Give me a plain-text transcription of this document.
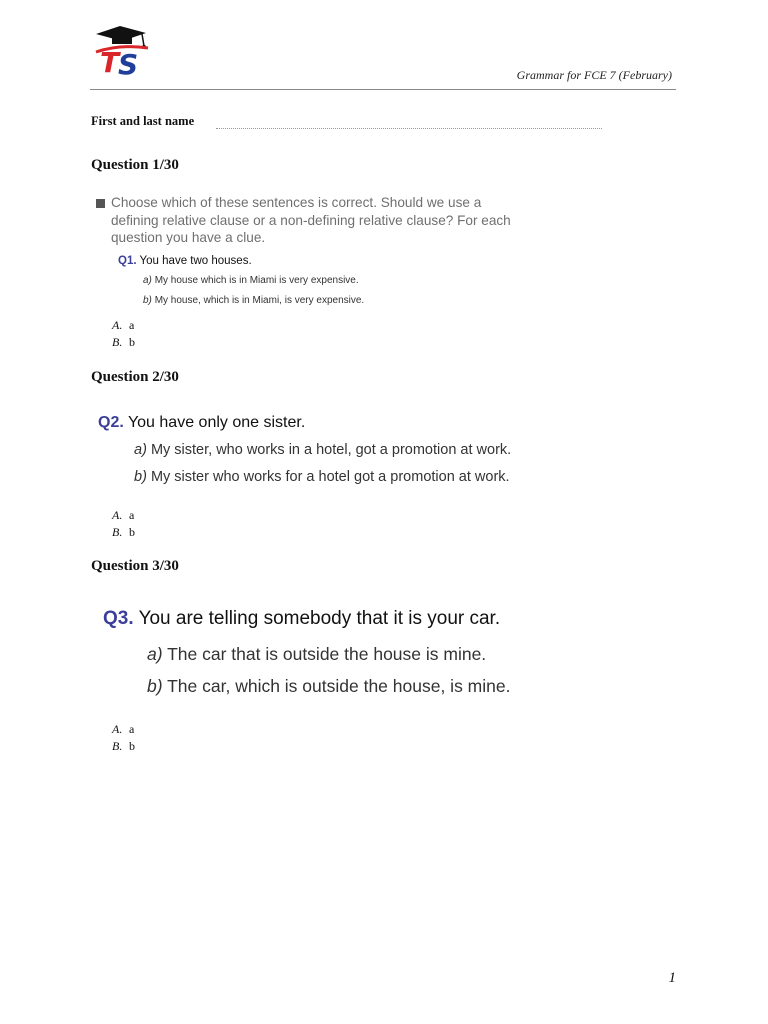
T
S	Grammar for FCE 7 (February)
First and last name
Question 1/30
Choose which of these sentences is correct. Should we use a defining relative clause or a non-defining relative clause? For each question you have a clue.
Q1. You have two houses.
a) My house which is in Miami is very expensive.
b) My house, which is in Miami, is very expensive.
A. a
B. b
Question 2/30
Q2. You have only one sister.
a) My sister, who works in a hotel, got a promotion at work.
b) My sister who works for a hotel got a promotion at work.
A. a
B. b
Question 3/30
Q3. You are telling somebody that it is your car.
a) The car that is outside the house is mine.
b) The car, which is outside the house, is mine.
A. a
B. b
1
